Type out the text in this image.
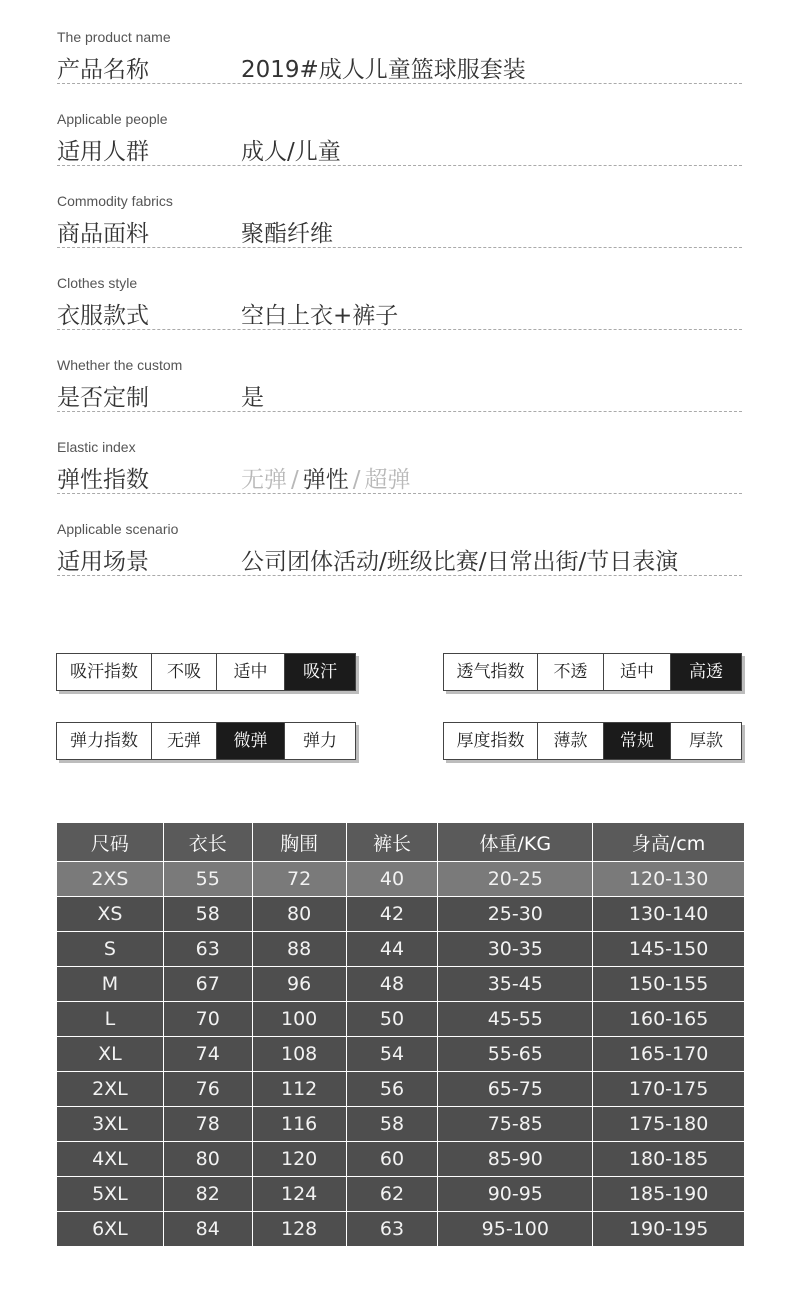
The product name
产品名称	2019#成人儿童篮球服套装
Applicable people
适用人群	成人/儿童
Commodity fabrics
商品面料	聚酯纤维
Clothes style
衣服款式	空白上衣+裤子
Whether the custom
是否定制	是
Elastic index
弹性指数	无弹 / 弹性 / 超弹
Applicable scenario
适用场景	公司团体活动/班级比赛/日常出街/节日表演
吸汗指数	不吸	适中	吸汗	透气指数	不透	适中	高透
弹力指数	无弹	微弹	弹力	厚度指数	薄款	常规	厚款
尺码	衣长	胸围	裤长	体重/KG	身高/cm
2XS	55	72	40	20-25	120-130
XS	58	80	42	25-30	130-140
S	63	88	44	30-35	145-150
M	67	96	48	35-45	150-155
L	70	100	50	45-55	160-165
XL	74	108	54	55-65	165-170
2XL	76	112	56	65-75	170-175
3XL	78	116	58	75-85	175-180
4XL	80	120	60	85-90	180-185
5XL	82	124	62	90-95	185-190
6XL	84	128	63	95-100	190-195
